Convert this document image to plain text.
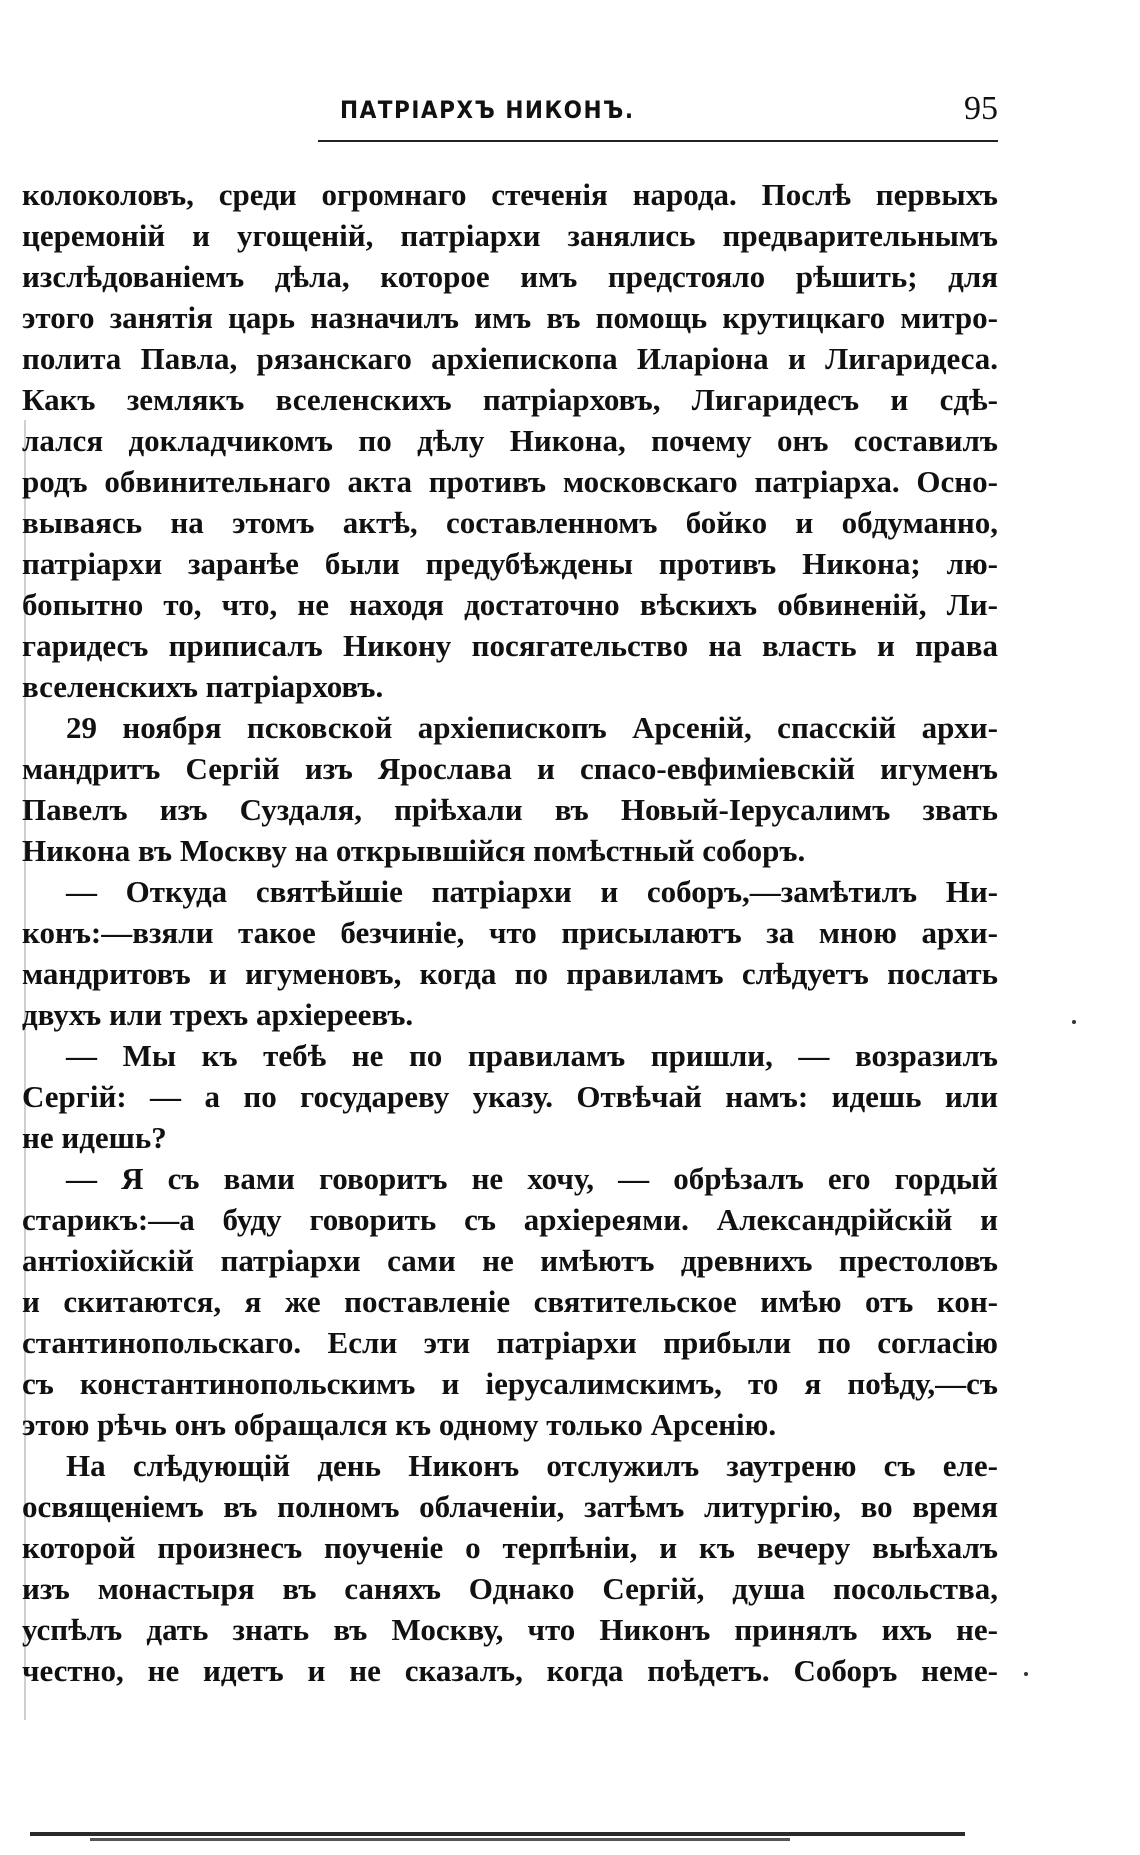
ПАТРІАРХЪ НИКОНЪ.	95
колоколовъ, среди огромнаго стеченія народа. Послѣ первыхъ
церемоній и угощеній, патріархи занялись предварительнымъ
изслѣдованіемъ дѣла, которое имъ предстояло рѣшить; для
этого занятія царь назначилъ имъ въ помощь крутицкаго митро-
полита Павла, рязанскаго архіепископа Иларіона и Лигаридеса.
Какъ землякъ вселенскихъ патріарховъ, Лигаридесъ и сдѣ-
лался докладчикомъ по дѣлу Никона, почему онъ составилъ
родъ обвинительнаго акта противъ московскаго патріарха. Осно-
вываясь на этомъ актѣ, составленномъ бойко и обдуманно,
патріархи заранѣе были предубѣждены противъ Никона; лю-
бопытно то, что, не находя достаточно вѣскихъ обвиненій, Ли-
гаридесъ приписалъ Никону посягательство на власть и права
вселенскихъ патріарховъ.
29 ноября псковской архіепископъ Арсеній, спасскій архи-
мандритъ Сергій изъ Ярослава и спасо-евфиміевскій игуменъ
Павелъ изъ Суздаля, пріѣхали въ Новый-Іерусалимъ звать
Никона въ Москву на открывшійся помѣстный соборъ.
— Откуда святѣйшіе патріархи и соборъ,—замѣтилъ Ни-
конъ:—взяли такое безчиніе, что присылаютъ за мною архи-
мандритовъ и игуменовъ, когда по правиламъ слѣдуетъ послать
двухъ или трехъ архіереевъ.
— Мы къ тебѣ не по правиламъ пришли, — возразилъ
Сергій: — а по государеву указу. Отвѣчай намъ: идешь или
не идешь?
— Я съ вами говоритъ не хочу, — обрѣзалъ его гордый
старикъ:—а буду говорить съ архіереями. Александрійскій и
антіохійскій патріархи сами не имѣютъ древнихъ престоловъ
и скитаются, я же поставленіе святительское имѣю отъ кон-
стантинопольскаго. Если эти патріархи прибыли по согласію
съ константинопольскимъ и іерусалимскимъ, то я поѣду,—съ
этою рѣчь онъ обращался къ одному только Арсенію.
На слѣдующій день Никонъ отслужилъ заутреню съ еле-
освященіемъ въ полномъ облаченіи, затѣмъ литургію, во время
которой произнесъ поученіе о терпѣніи, и къ вечеру выѣхалъ
изъ монастыря въ саняхъ Однако Сергій, душа посольства,
успѣлъ дать знать въ Москву, что Никонъ принялъ ихъ не-
честно, не идетъ и не сказалъ, когда поѣдетъ. Соборъ неме-
